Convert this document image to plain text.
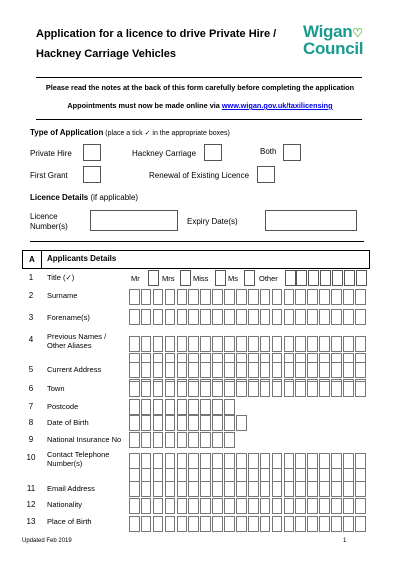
Application for a licence to drive Private Hire /
Hackney Carriage Vehicles
Wigan♡
Council
Please read the notes at the back of this form carefully before completing the application
Appointments must now be made online via www.wigan.gov.uk/taxilicensing
Type of Application (place a tick ✓ in the appropriate boxes)
Private Hire	Hackney Carriage	Both
First Grant	Renewal of Existing Licence
Licence Details (if applicable)
Licence
Number(s)
Expiry Date(s)
A Applicants Details
1	Title (✓)	Mr	Mrs Miss	Ms	Other
2	Surname
3	Forename(s)
4	Previous Names /
Other Aliases
5	Current Address
6	Town
7	Postcode
8	Date of Birth
9	National Insurance No
10	Contact Telephone
Number(s)
11	Email Address
12	Nationality
13	Place of Birth
Updated Feb 2019	1
